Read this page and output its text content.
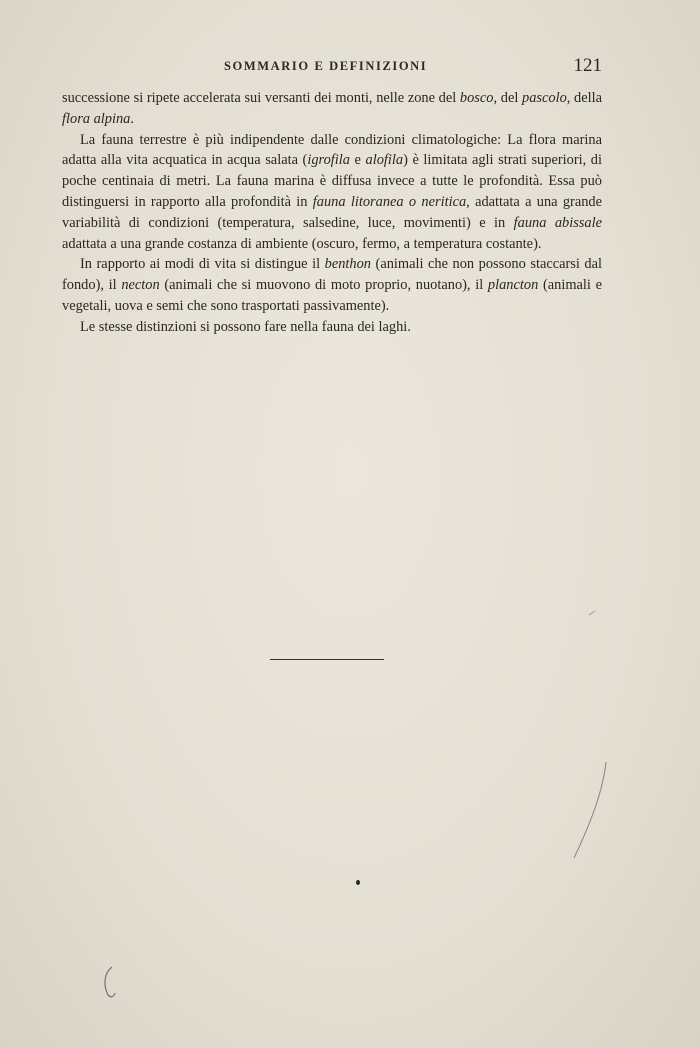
SOMMARIO E DEFINIZIONI	121

successione si ripete accelerata sui versanti dei monti, nelle zone del bosco, del pascolo, della flora alpina.

La fauna terrestre è più indipendente dalle condizioni climatologiche: La flora marina adatta alla vita acquatica in acqua salata (igrofila e alofila) è limitata agli strati superiori, di poche centinaia di metri. La fauna marina è diffusa invece a tutte le profondità. Essa può distinguersi in rapporto alla profondità in fauna litoranea o neritica, adattata a una grande variabilità di condizioni (temperatura, salsedine, luce, movimenti) e in fauna abissale adattata a una grande costanza di ambiente (oscuro, fermo, a temperatura costante).

In rapporto ai modi di vita si distingue il benthon (animali che non possono staccarsi dal fondo), il necton (animali che si muovono di moto proprio, nuotano), il plancton (animali e vegetali, uova e semi che sono trasportati passivamente).

Le stesse distinzioni si possono fare nella fauna dei laghi.
